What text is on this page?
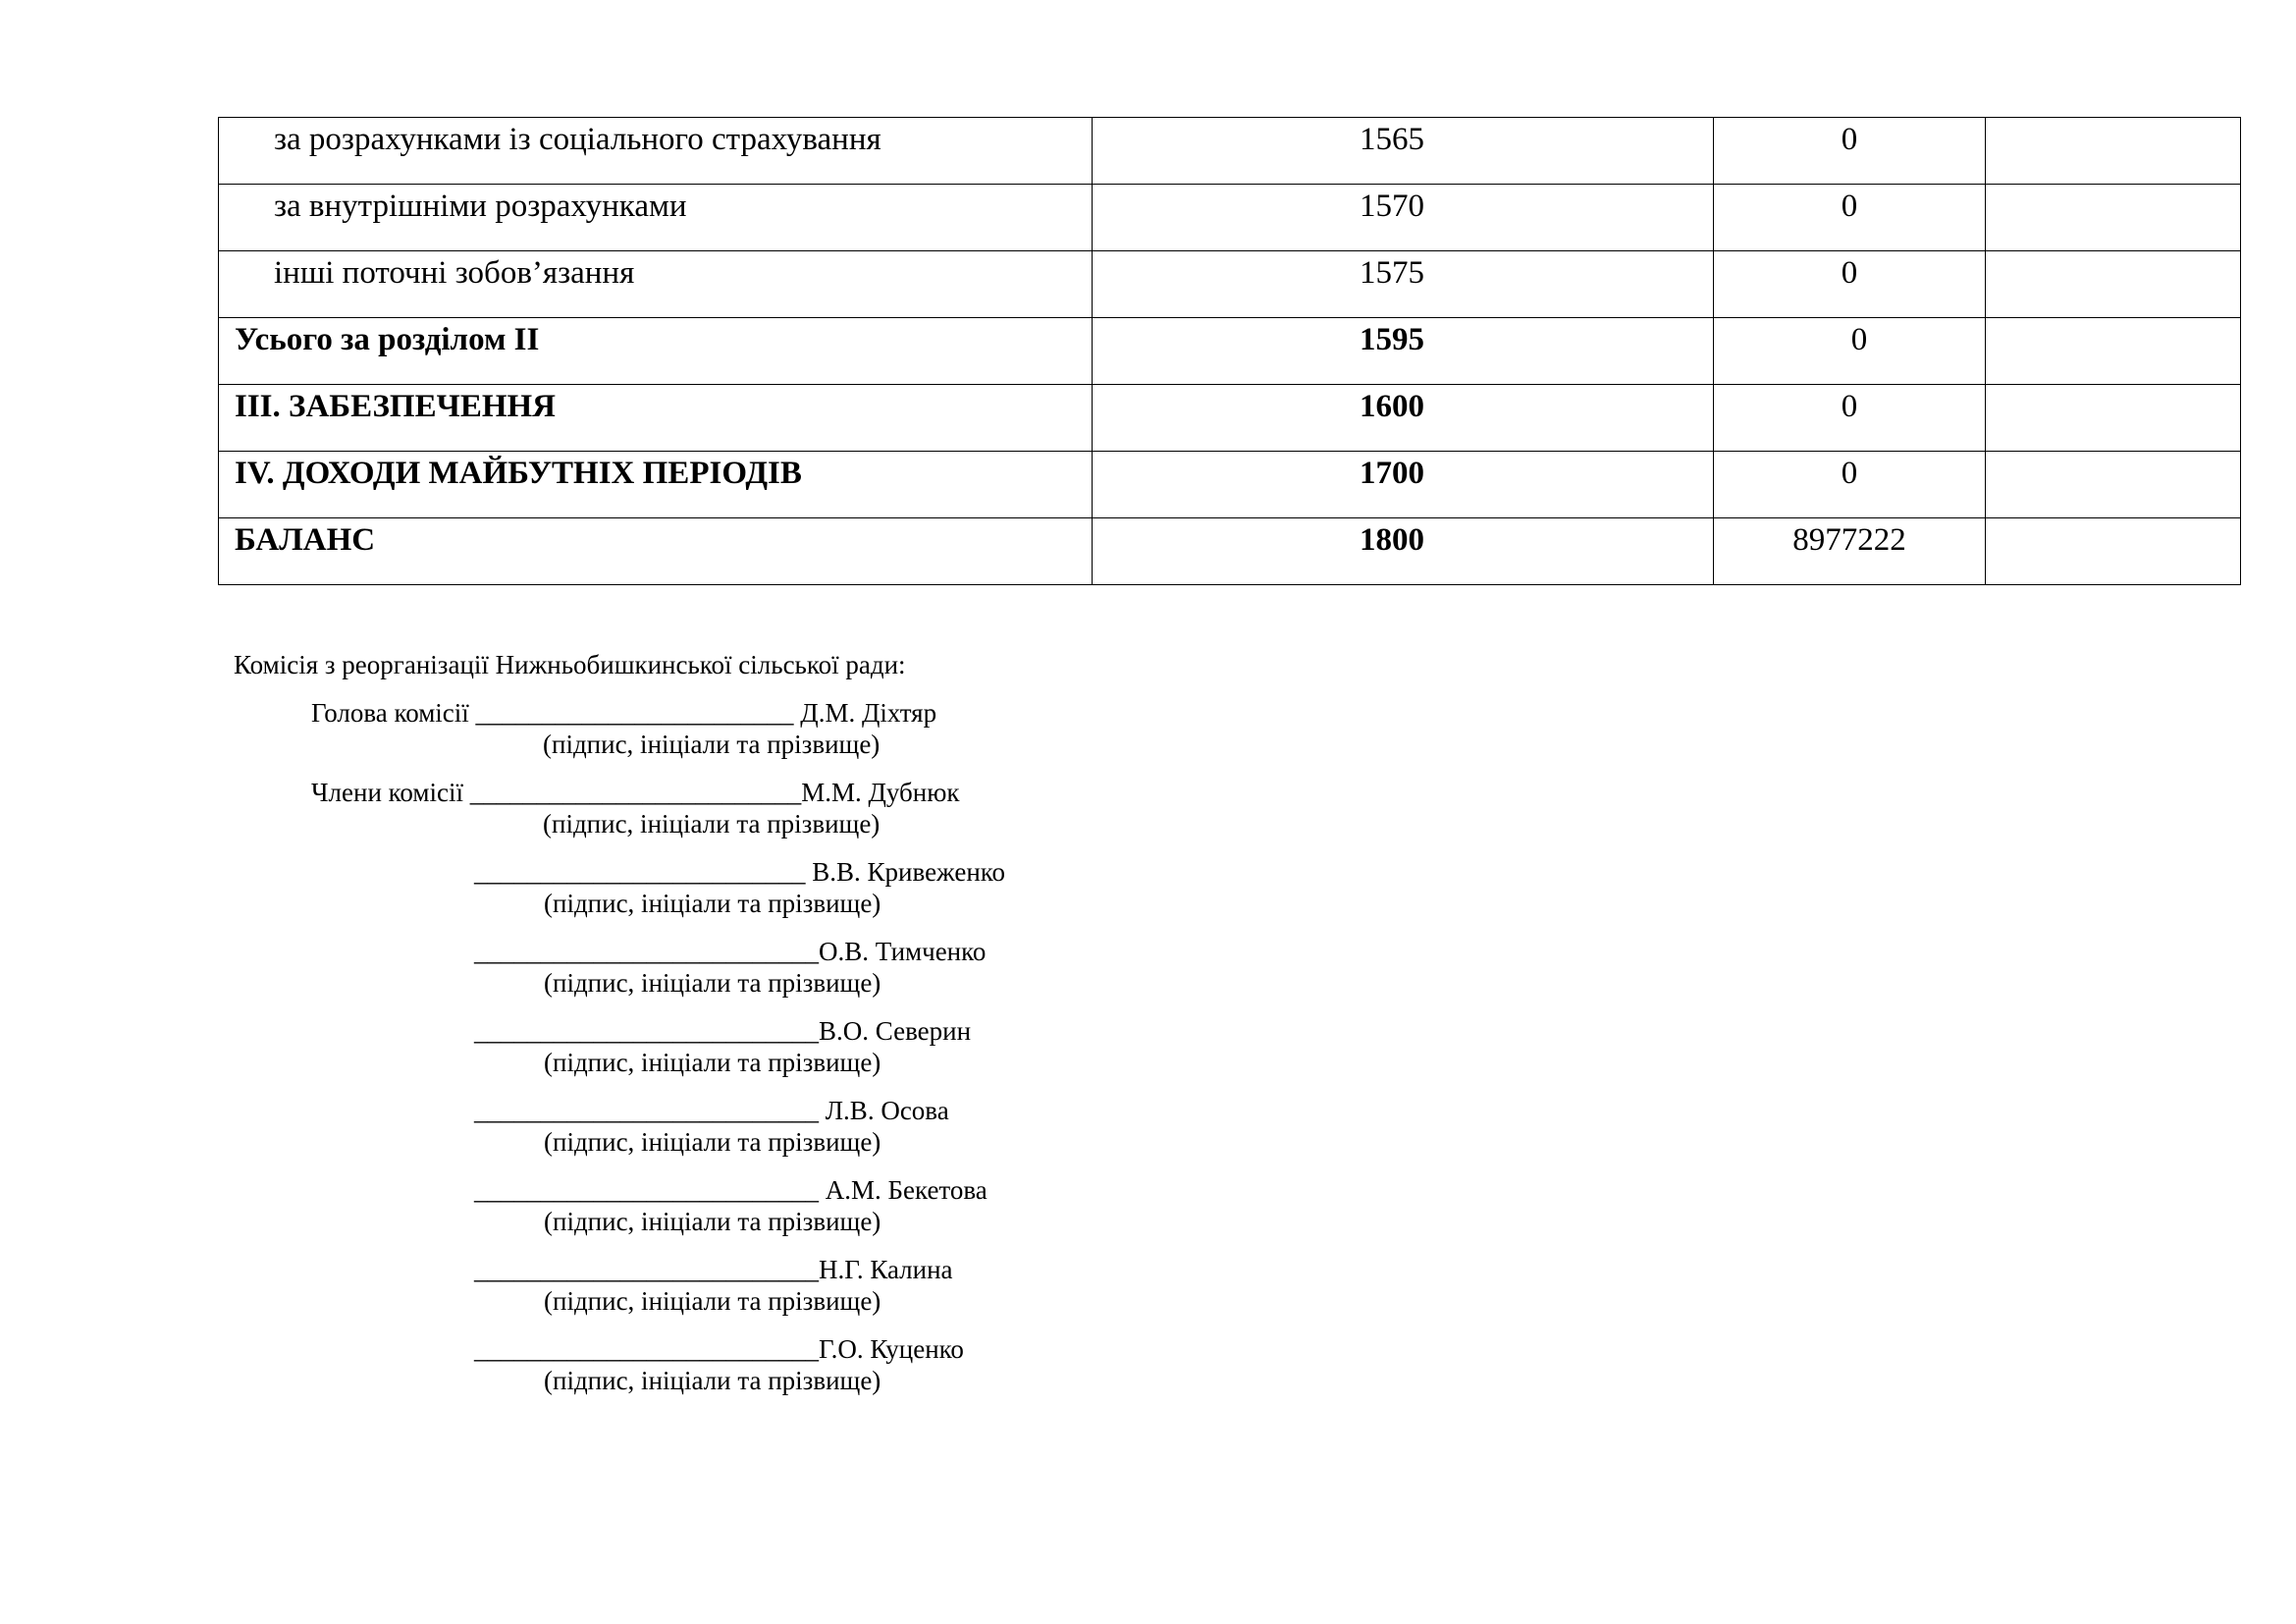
за розрахунками із соціального страхування	1565	0	

за внутрішніми розрахунками	1570	0	

інші поточні зобов’язання	1575	0	

Усього за розділом II	1595	0	

III. ЗАБЕЗПЕЧЕННЯ	1600	0	

IV. ДОХОДИ МАЙБУТНІХ ПЕРІОДІВ	1700	0	

БАЛАНС	1800	8977222	

Комісія з реорганізації Нижньобишкинської сільської ради:
Голова комісії ________________________ Д.М. Діхтяр
(підпис, ініціали та прізвище)
Члени комісії _________________________М.М. Дубнюк
(підпис, ініціали та прізвище)
_________________________ В.В. Кривеженко
(підпис, ініціали та прізвище)
__________________________О.В. Тимченко
(підпис, ініціали та прізвище)
__________________________В.О. Северин
(підпис, ініціали та прізвище)
__________________________ Л.В. Осова
(підпис, ініціали та прізвище)
__________________________ А.М. Бекетова
(підпис, ініціали та прізвище)
__________________________Н.Г. Калина
(підпис, ініціали та прізвище)
__________________________Г.О. Куценко
(підпис, ініціали та прізвище)
